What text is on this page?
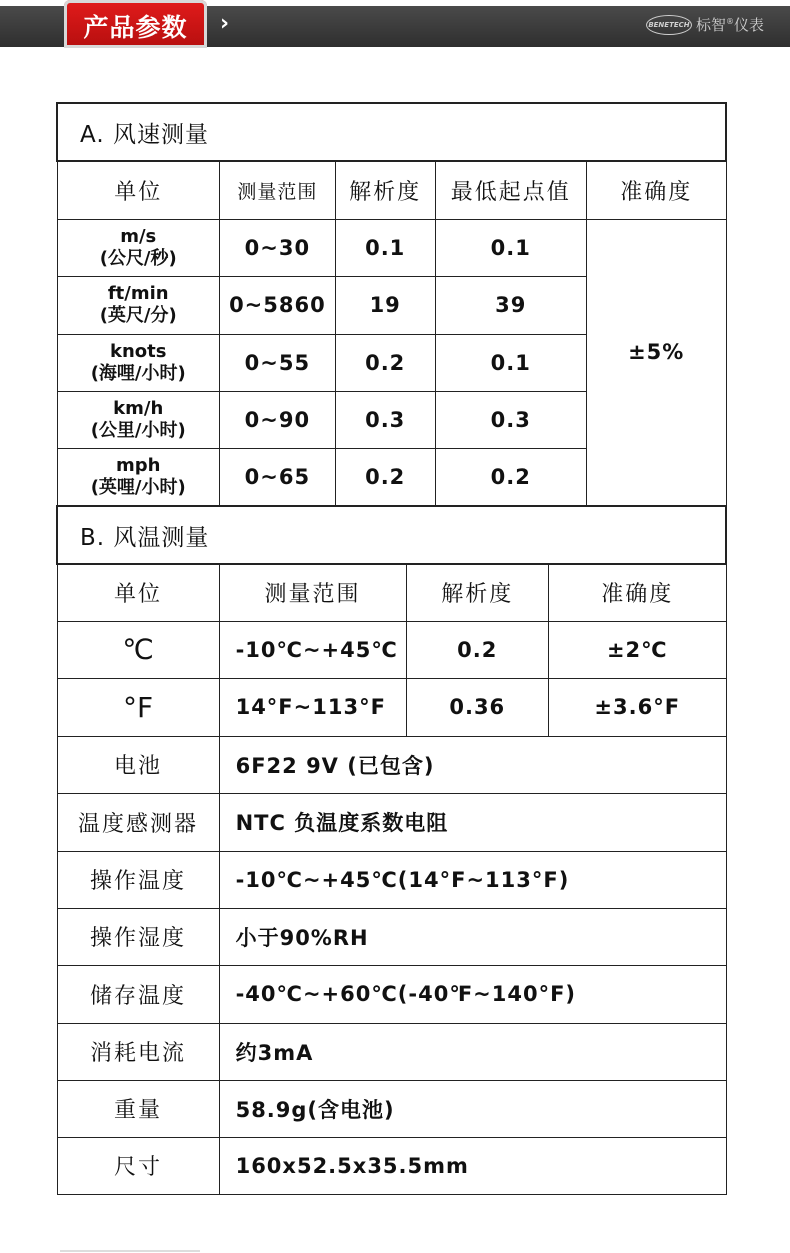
产品参数	›	BENETECH 标智®仪表
A. 风速测量				
单位	测量范围	解析度	最低起点值	准确度

m/s
(公尺/秒)	0~30	0.1	0.1	±5%

ft/min
(英尺/分)	0~5860	19	39	

knots
(海哩/小时)	0~55	0.2	0.1	

km/h
(公里/小时)	0~90	0.3	0.3	

mph
(英哩/小时)	0~65	0.2	0.2	
B. 风温测量			
单位	测量范围	解析度	准确度
℃	-10℃~+45℃	0.2	±2℃
°F	14°F~113°F	0.36	±3.6°F
电池	6F22 9V (已包含)		
温度感测器	NTC 负温度系数电阻		
操作温度	-10℃~+45℃(14°F~113°F)		
操作湿度	小于90%RH		
储存温度	-40℃~+60℃(-40℉~140°F)		
消耗电流	约3mA		
重量	58.9g(含电池)		
尺寸	160x52.5x35.5mm		
